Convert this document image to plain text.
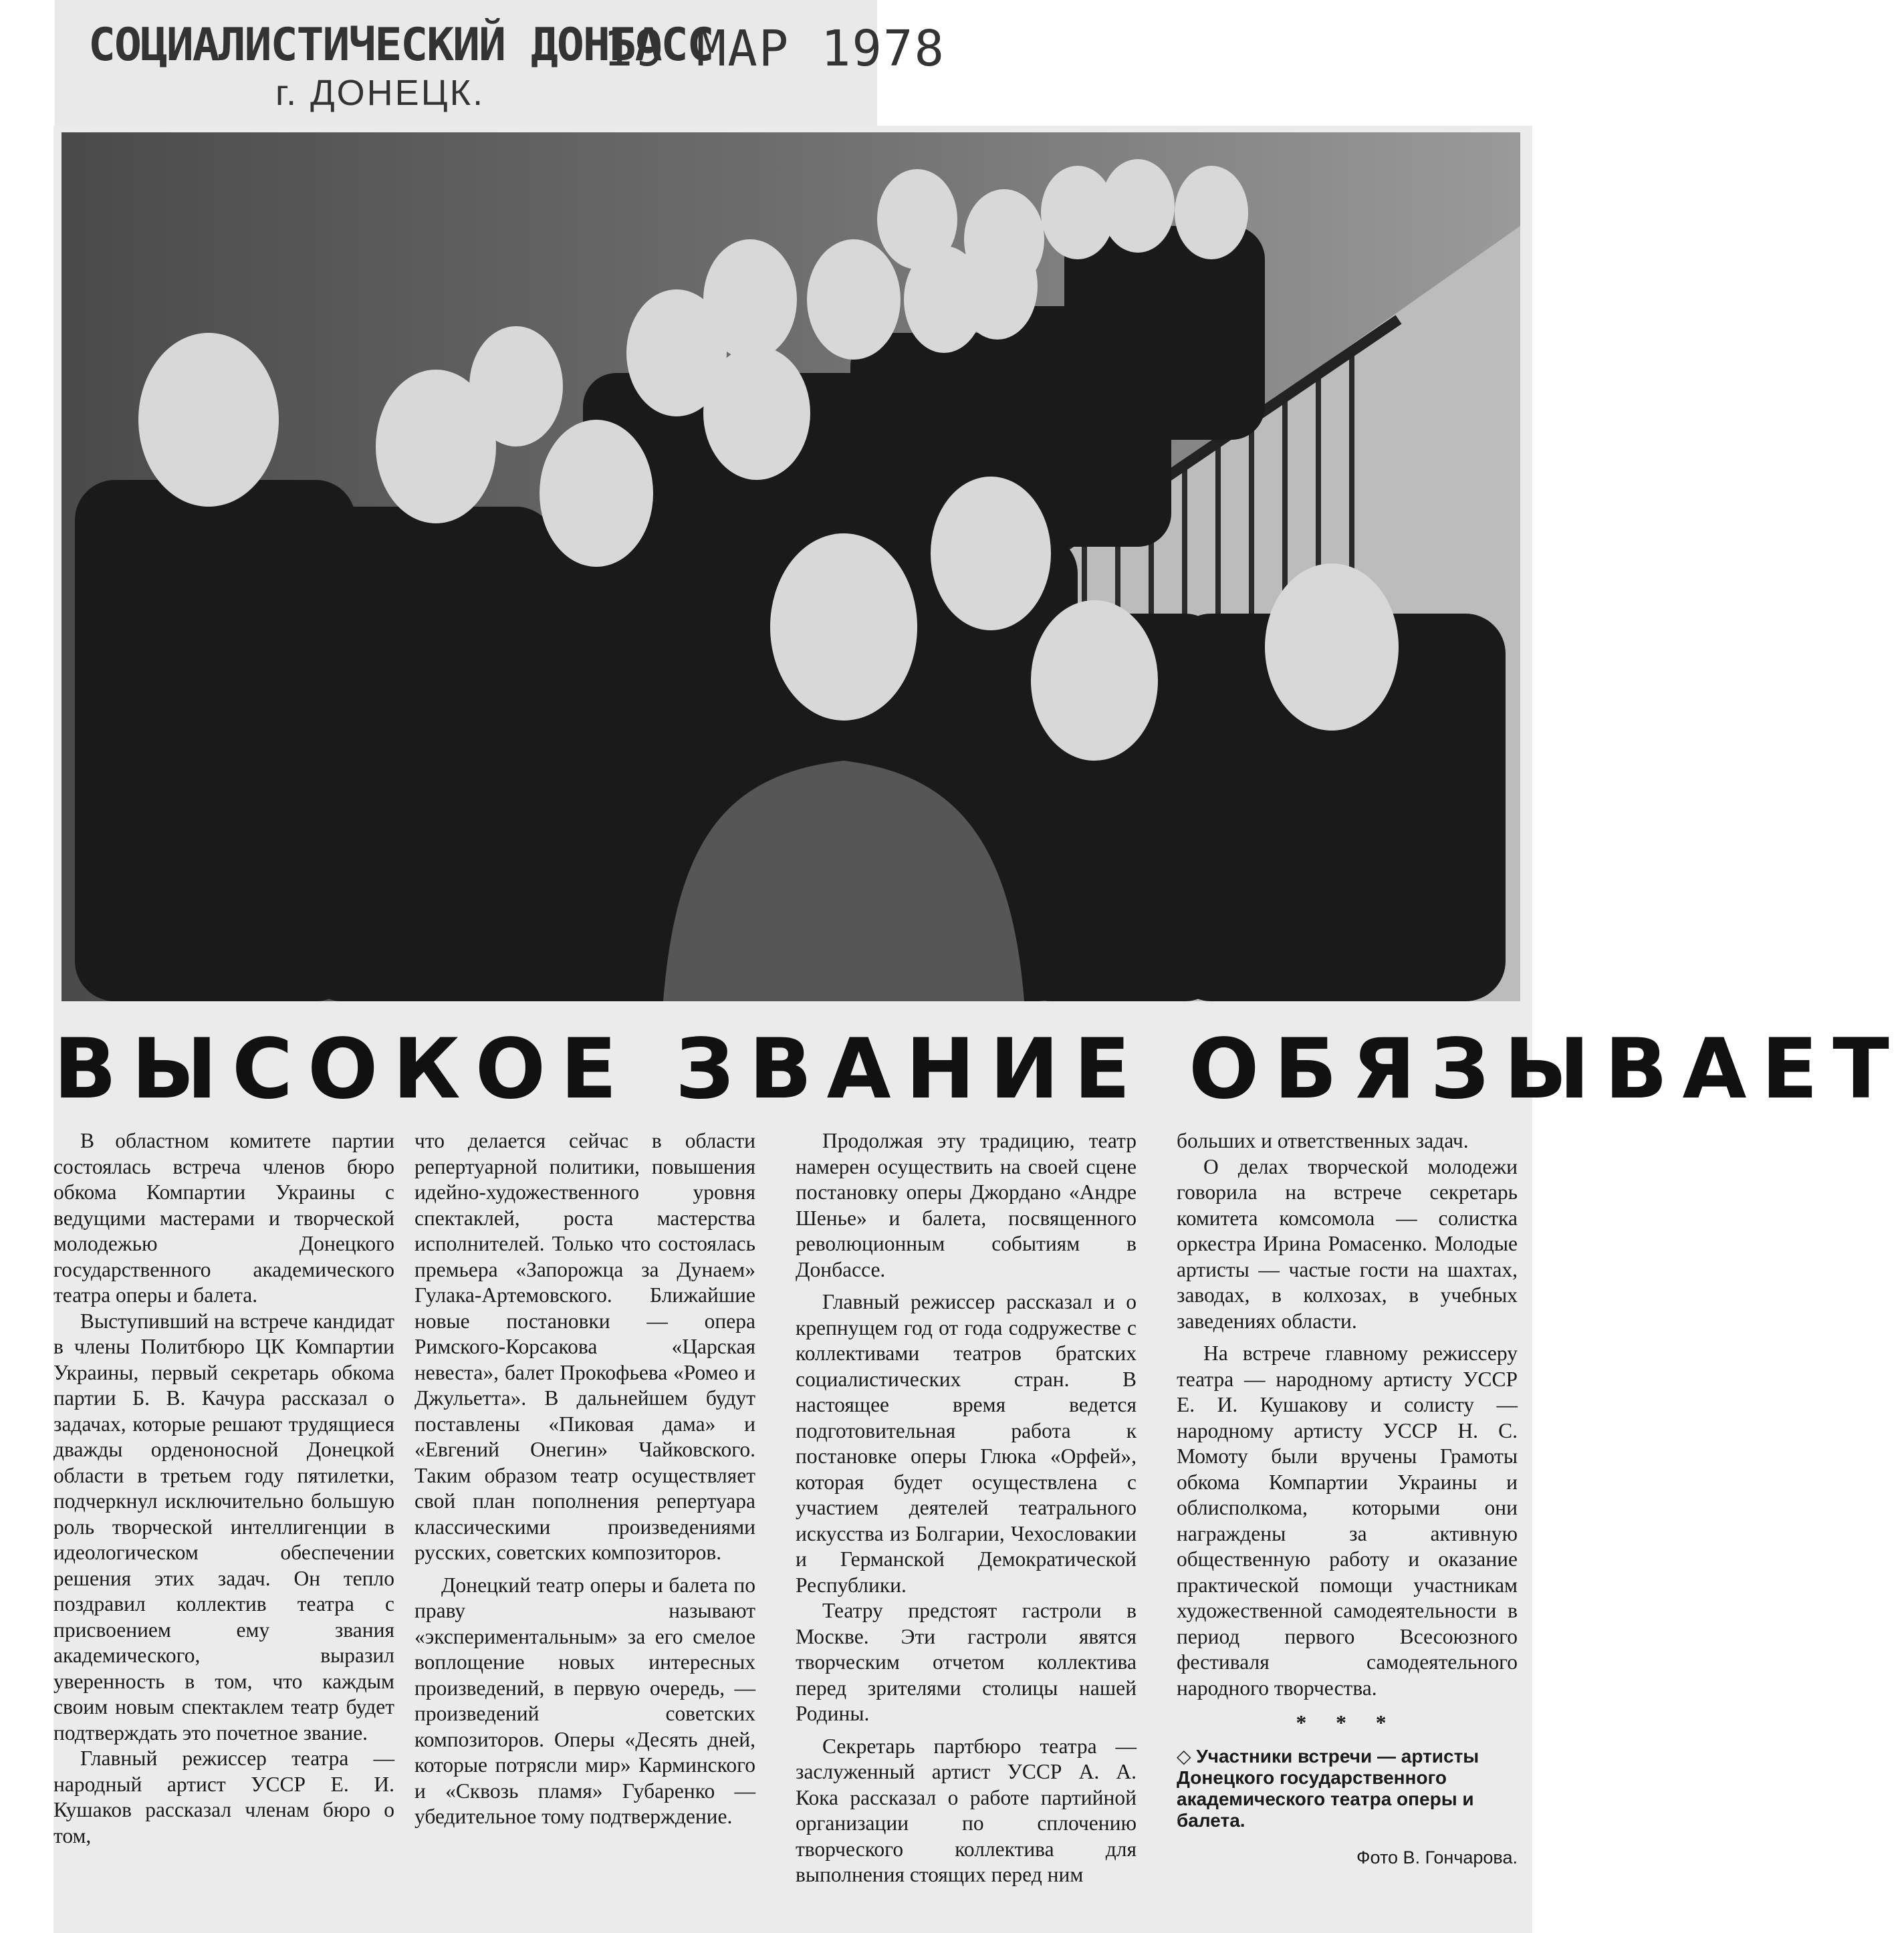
СОЦИАЛИСТИЧЕСКИЙ ДОНБАСС
19 МАР 1978
г. ДОНЕЦК.
ВЫСОКОЕ ЗВАНИЕ ОБЯЗЫВАЕТ

В областном комитете партии состоялась встреча членов бюро обкома Компартии Украины с ведущими мастерами и творческой молодежью Донецкого государственного академического театра оперы и балета.

Выступивший на встрече кандидат в члены Политбюро ЦК Компартии Украины, первый секретарь обкома партии Б. В. Качура рассказал о задачах, которые решают трудящиеся дважды орденоносной Донецкой области в третьем году пятилетки, подчеркнул исключительно большую роль творческой интеллигенции в идеологическом обеспечении решения этих задач. Он тепло поздравил коллектив театра с присвоением ему звания академического, выразил уверенность в том, что каждым своим новым спектаклем театр будет подтверждать это почетное звание.

Главный режиссер театра — народный артист УССР Е. И. Кушаков рассказал членам бюро о том,

что делается сейчас в области репертуарной политики, повышения идейно-художественного уровня спектаклей, роста мастерства исполнителей. Только что состоялась премьера «Запорожца за Дунаем» Гулака-Артемовского. Ближайшие новые постановки — опера Римского-Корсакова «Царская невеста», балет Прокофьева «Ромео и Джульетта». В дальнейшем будут поставлены «Пиковая дама» и «Евгений Онегин» Чайковского. Таким образом театр осуществляет свой план пополнения репертуара классическими произведениями русских, советских композиторов.

Донецкий театр оперы и балета по праву называют «экспериментальным» за его смелое воплощение новых интересных произведений, в первую очередь, — произведений советских композиторов. Оперы «Десять дней, которые потрясли мир» Карминского и «Сквозь пламя» Губаренко — убедительное тому подтверждение.

Продолжая эту традицию, театр намерен осуществить на своей сцене постановку оперы Джордано «Андре Шенье» и балета, посвященного революционным событиям в Донбассе.

Главный режиссер рассказал и о крепнущем год от года содружестве с коллективами театров братских социалистических стран. В настоящее время ведется подготовительная работа к постановке оперы Глюка «Орфей», которая будет осуществлена с участием деятелей театрального искусства из Болгарии, Чехословакии и Германской Демократической Республики.

Театру предстоят гастроли в Москве. Эти гастроли явятся творческим отчетом коллектива перед зрителями столицы нашей Родины.

Секретарь партбюро театра — заслуженный артист УССР А. А. Кока рассказал о работе партийной организации по сплочению творческого коллектива для выполнения стоящих перед ним

больших и ответственных задач.

О делах творческой молодежи говорила на встрече секретарь комитета комсомола — солистка оркестра Ирина Ромасенко. Молодые артисты — частые гости на шахтах, заводах, в колхозах, в учебных заведениях области.

На встрече главному режиссеру театра — народному артисту УССР Е. И. Кушакову и солисту — народному артисту УССР Н. С. Момоту были вручены Грамоты обкома Компартии Украины и облисполкома, которыми они награждены за активную общественную работу и оказание практической помощи участникам художественной самодеятельности в период первого Всесоюзного фестиваля самодеятельного народного творчества.

* * *
◇ Участники встречи — артисты Донецкого государственного академического театра оперы и балета.
Фото В. Гончарова.
